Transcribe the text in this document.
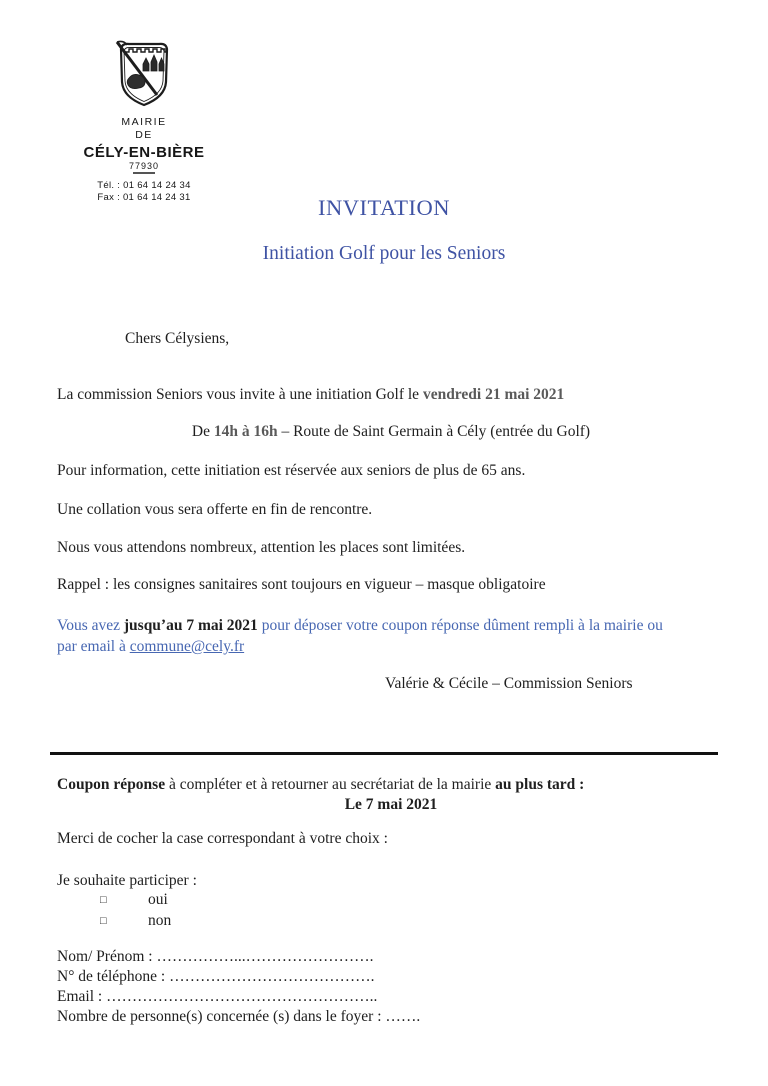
MAIRIE
DE
CÉLY-EN-BIÈRE
77930
Tél. : 01 64 14 24 34
Fax : 01 64 14 24 31	INVITATION
Initiation Golf pour les Seniors
Chers Célysiens,
La commission Seniors vous invite à une initiation Golf le vendredi 21 mai 2021
De 14h à 16h – Route de Saint Germain à Cély (entrée du Golf)
Pour information, cette initiation est réservée aux seniors de plus de 65 ans.
Une collation vous sera offerte en fin de rencontre.
Nous vous attendons nombreux, attention les places sont limitées.
Rappel : les consignes sanitaires sont toujours en vigueur – masque obligatoire
Vous avez jusqu’au 7 mai 2021 pour déposer votre coupon réponse dûment rempli à la mairie ou
par email à commune@cely.fr
Valérie & Cécile – Commission Seniors
Coupon réponse à compléter et à retourner au secrétariat de la mairie au plus tard :
Le 7 mai 2021
Merci de cocher la case correspondant à votre choix :
Je souhaite participer :
□	oui
□	non
Nom/ Prénom : ……………...…………………….
N° de téléphone : ………………………………….
Email : ……………………………………………..
Nombre de personne(s) concernée (s) dans le foyer : …….
